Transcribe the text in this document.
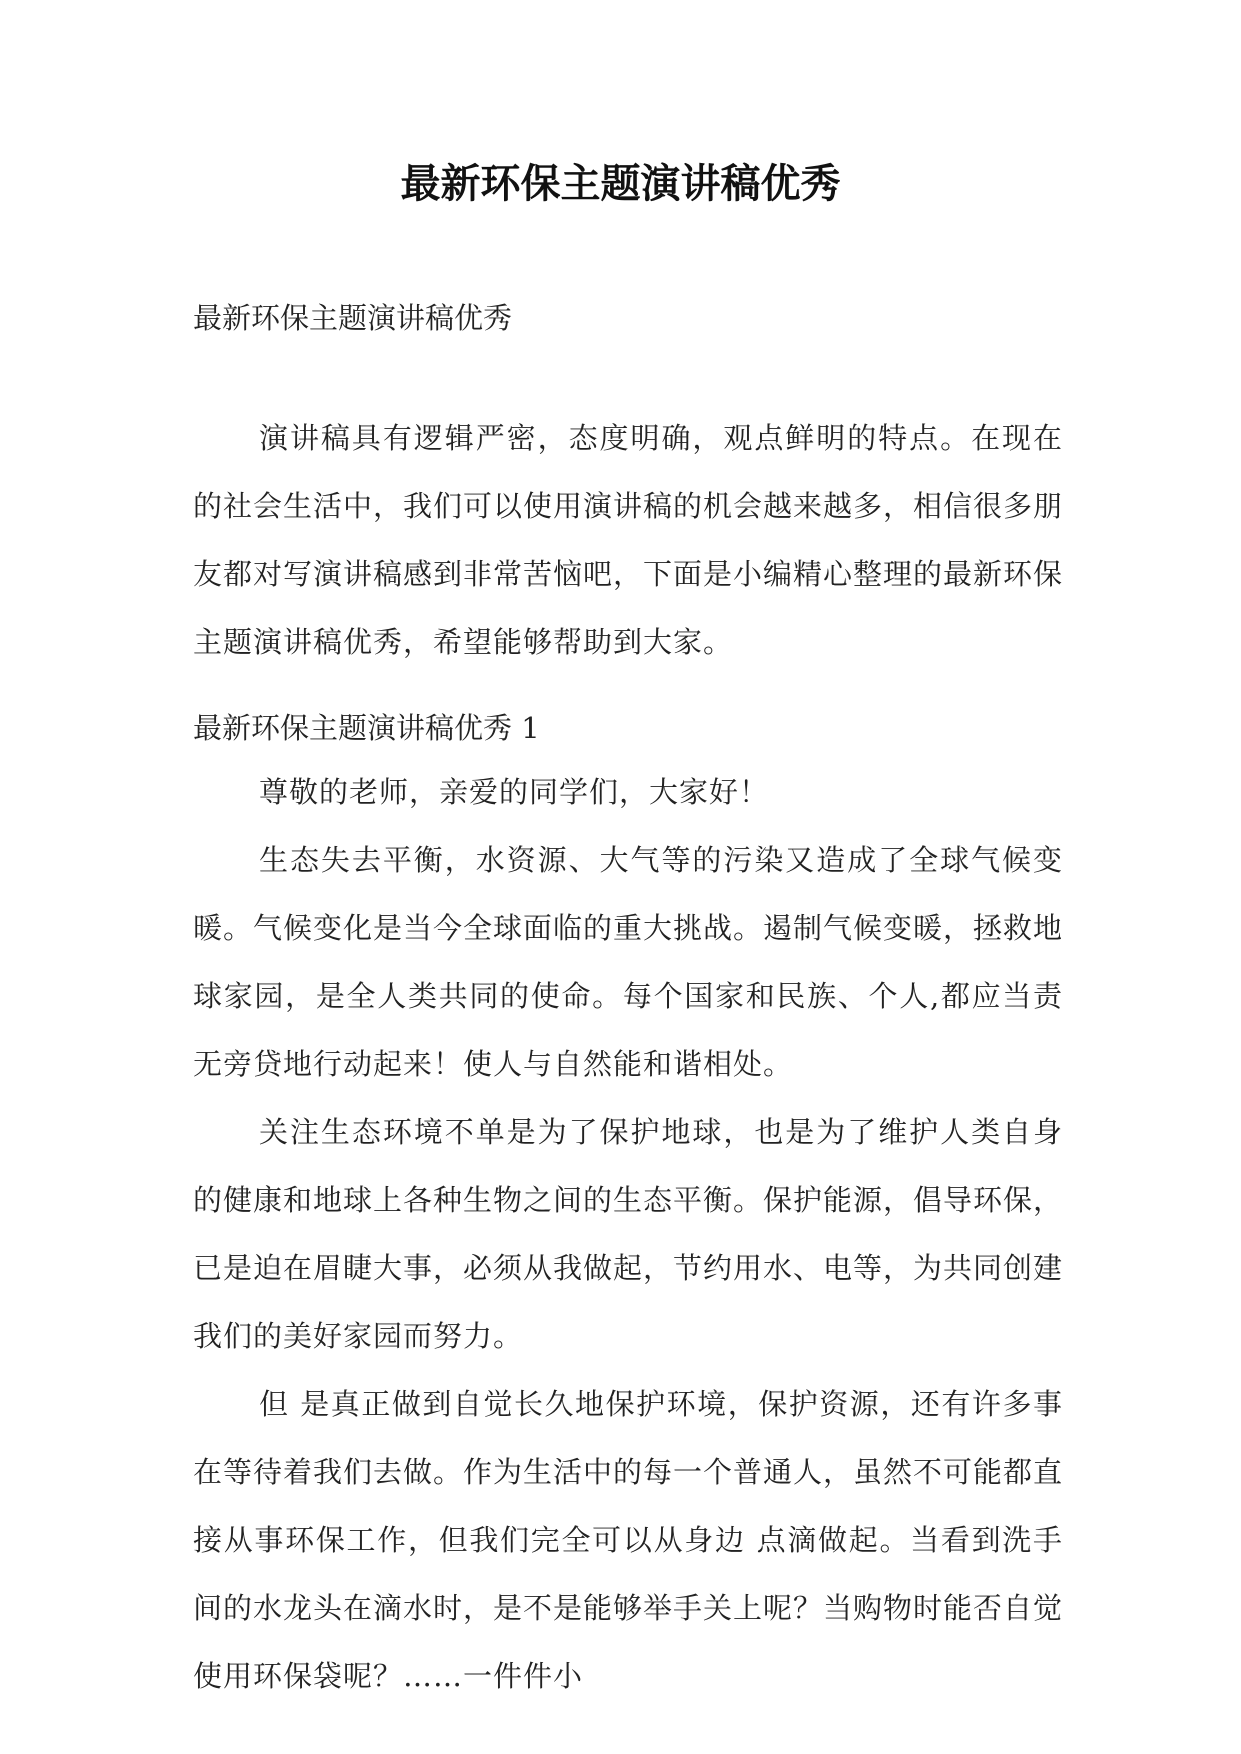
最新环保主题演讲稿优秀
最新环保主题演讲稿优秀

演讲稿具有逻辑严密，态度明确，观点鲜明的特点。在现在的社会生活中，我们可以使用演讲稿的机会越来越多，相信很多朋友都对写演讲稿感到非常苦恼吧，下面是小编精心整理的最新环保主题演讲稿优秀，希望能够帮助到大家。

最新环保主题演讲稿优秀 1

尊敬的老师，亲爱的同学们，大家好！

生态失去平衡，水资源、大气等的污染又造成了全球气候变暖。气候变化是当今全球面临的重大挑战。遏制气候变暖，拯救地球家园，是全人类共同的使命。每个国家和民族、个人,都应当责无旁贷地行动起来！使人与自然能和谐相处。

关注生态环境不单是为了保护地球，也是为了维护人类自身的健康和地球上各种生物之间的生态平衡。保护能源，倡导环保，已是迫在眉睫大事，必须从我做起，节约用水、电等，为共同创建我们的美好家园而努力。

但 是真正做到自觉长久地保护环境，保护资源，还有许多事在等待着我们去做。作为生活中的每一个普通人，虽然不可能都直接从事环保工作，但我们完全可以从身边 点滴做起。当看到洗手间的水龙头在滴水时，是不是能够举手关上呢？当购物时能否自觉使用环保袋呢？……一件件小
